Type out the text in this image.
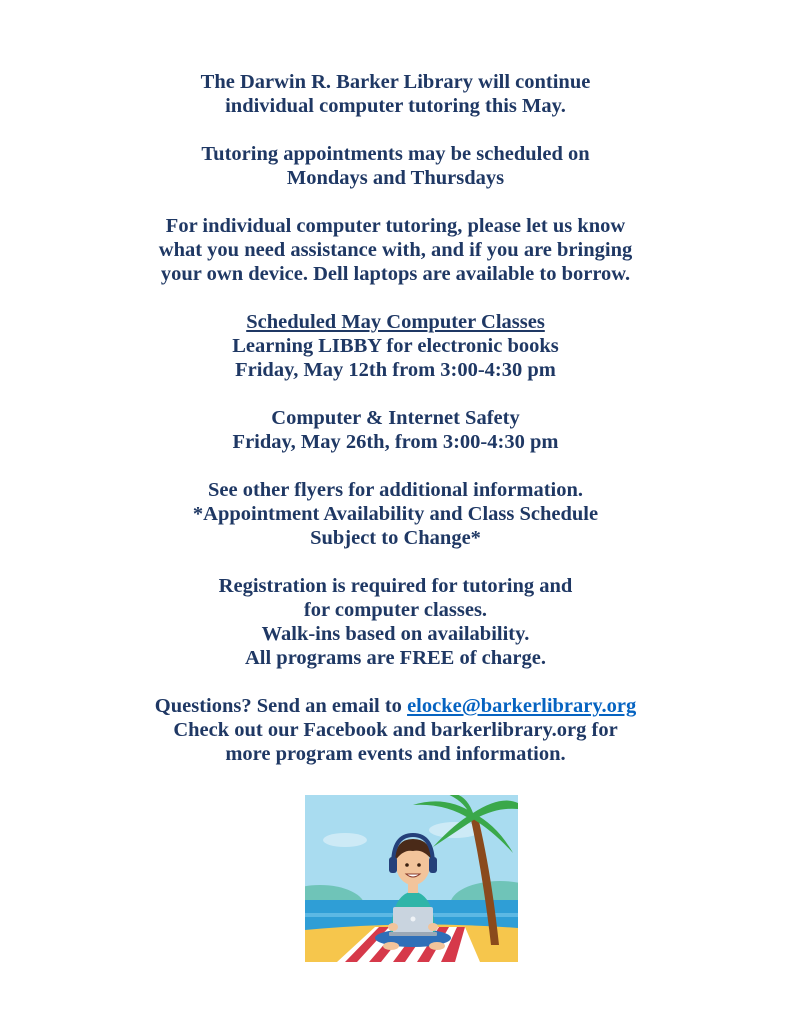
The Darwin R. Barker Library will continue
individual computer tutoring this May.
Tutoring appointments may be scheduled on
Mondays and Thursdays
For individual computer tutoring, please let us know
what you need assistance with, and if you are bringing
your own device. Dell laptops are available to borrow.
Scheduled May Computer Classes
Learning LIBBY for electronic books
Friday, May 12th from 3:00-4:30 pm
Computer & Internet Safety
Friday, May 26th, from 3:00-4:30 pm
See other flyers for additional information.
*Appointment Availability and Class Schedule
Subject to Change*
Registration is required for tutoring and
for computer classes.
Walk-ins based on availability.
All programs are FREE of charge.
Questions? Send an email to elocke@barkerlibrary.org
Check out our Facebook and barkerlibrary.org for
more program events and information.
